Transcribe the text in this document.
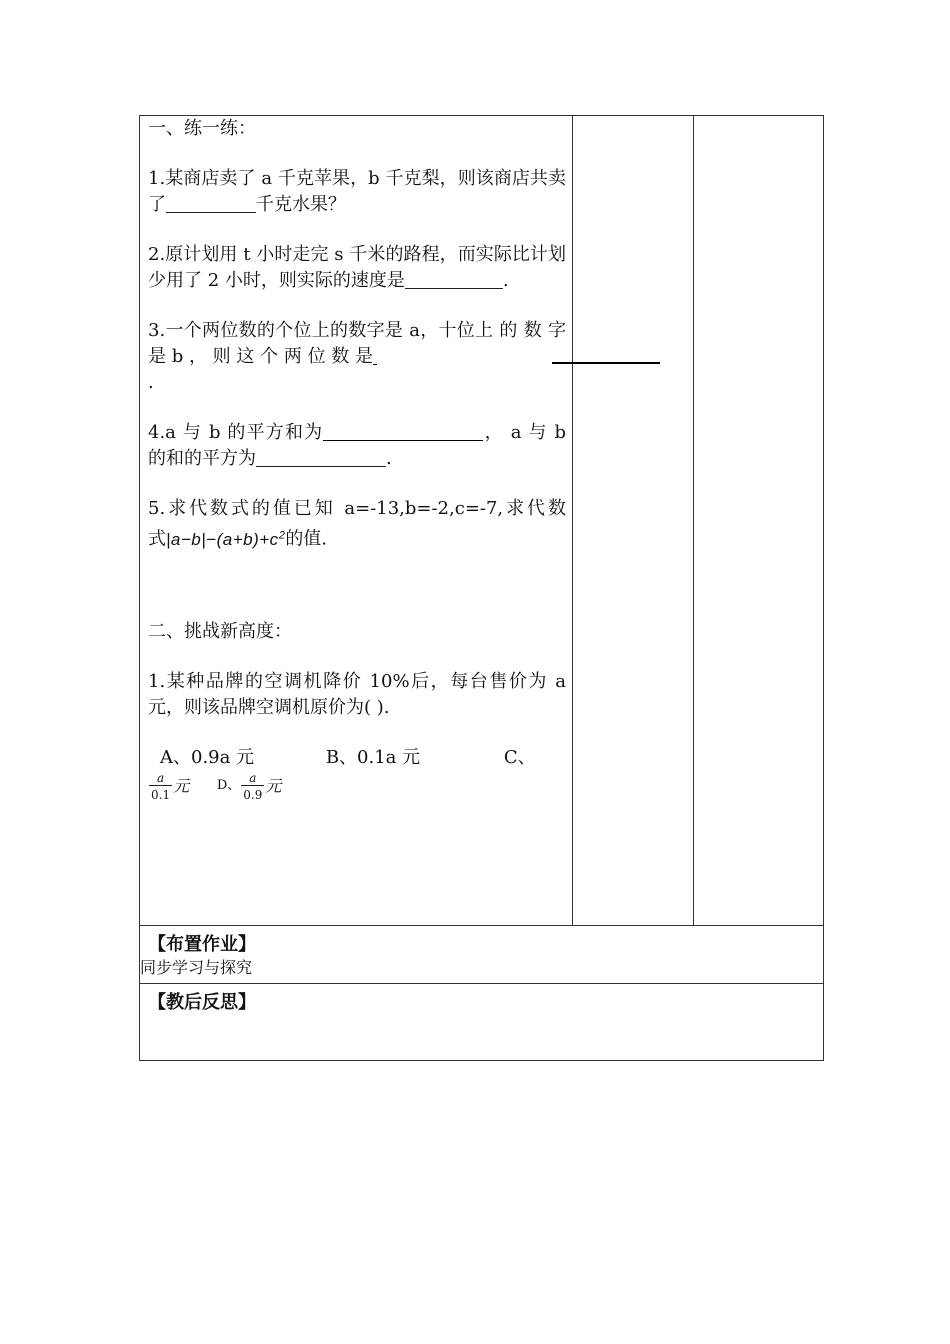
一、练一练：

1.某商店卖了 a 千克苹果，b 千克梨，则该商店共卖了	千克水果？

2.原计划用 t 小时走完 s 千米的路程，而实际比计划少用了 2 小时，则实际的速度是	.

3.一个两位数的个位上的数字是 a，十位上 的 数 字 是 b ， 则 这 个 两 位 数 是
.

4.a 与 b 的平方和为	， a 与 b 的和的平方为	.

5.求代数式的值已知 a=-13,b=-2,c=-7,求代数式$|a-b|-(a+b)+c^2$的值.

二、挑战新高度：

1.某种品牌的空调机降价 10%后，每台售价为 a 元，则该品牌空调机原价为( ).

A、0.9a 元	B、0.1a 元	C、
$\frac{a}{0.1}$ 元 D、 $\frac{a}{0.9}$ 元
【布置作业】
同步学习与探究
【教后反思】
